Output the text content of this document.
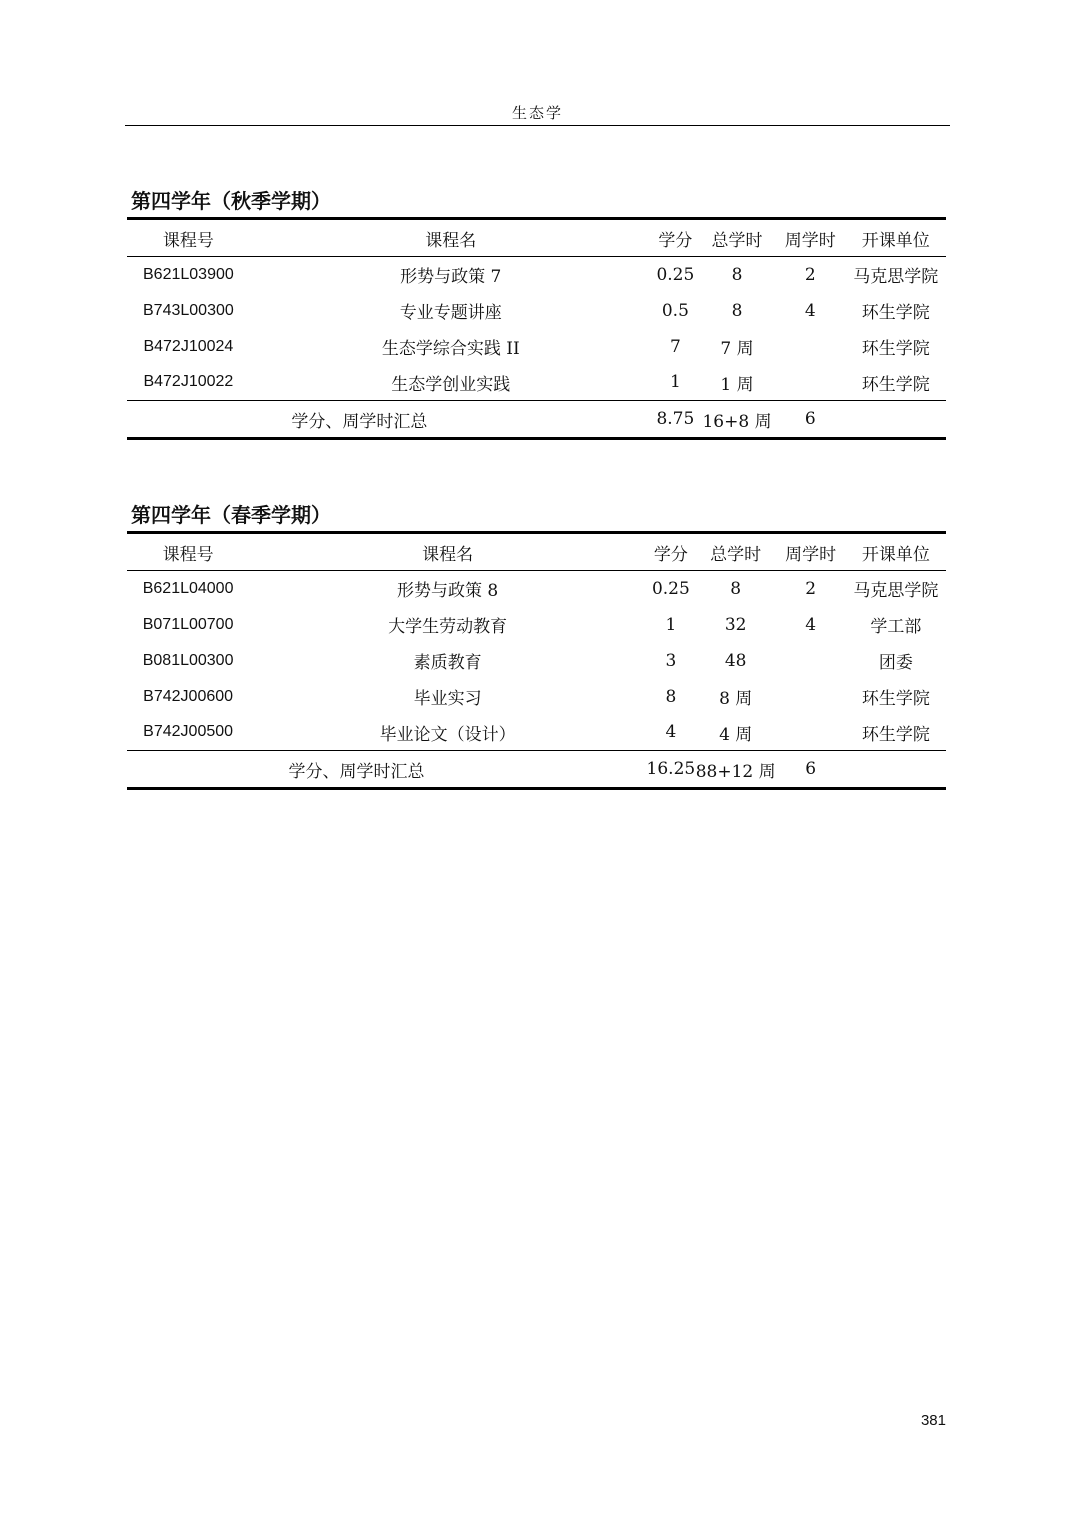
生态学
第四学年（秋季学期）
课程号	课程名	学分	总学时	周学时	开课单位
B621L03900	形势与政策 7	0.25	8	2	马克思学院
B743L00300	专业专题讲座	0.5	8	4	环生学院
B472J10024	生态学综合实践 II	7	7 周		环生学院
B472J10022	生态学创业实践	1	1 周		环生学院
学分、周学时汇总		8.75	16+8 周	6	
第四学年（春季学期）
课程号	课程名	学分	总学时	周学时	开课单位
B621L04000	形势与政策 8	0.25	8	2	马克思学院
B071L00700	大学生劳动教育	1	32	4	学工部
B081L00300	素质教育	3	48		团委
B742J00600	毕业实习	8	8 周		环生学院
B742J00500	毕业论文（设计）	4	4 周		环生学院
学分、周学时汇总		16.25	88+12 周	6	
381
